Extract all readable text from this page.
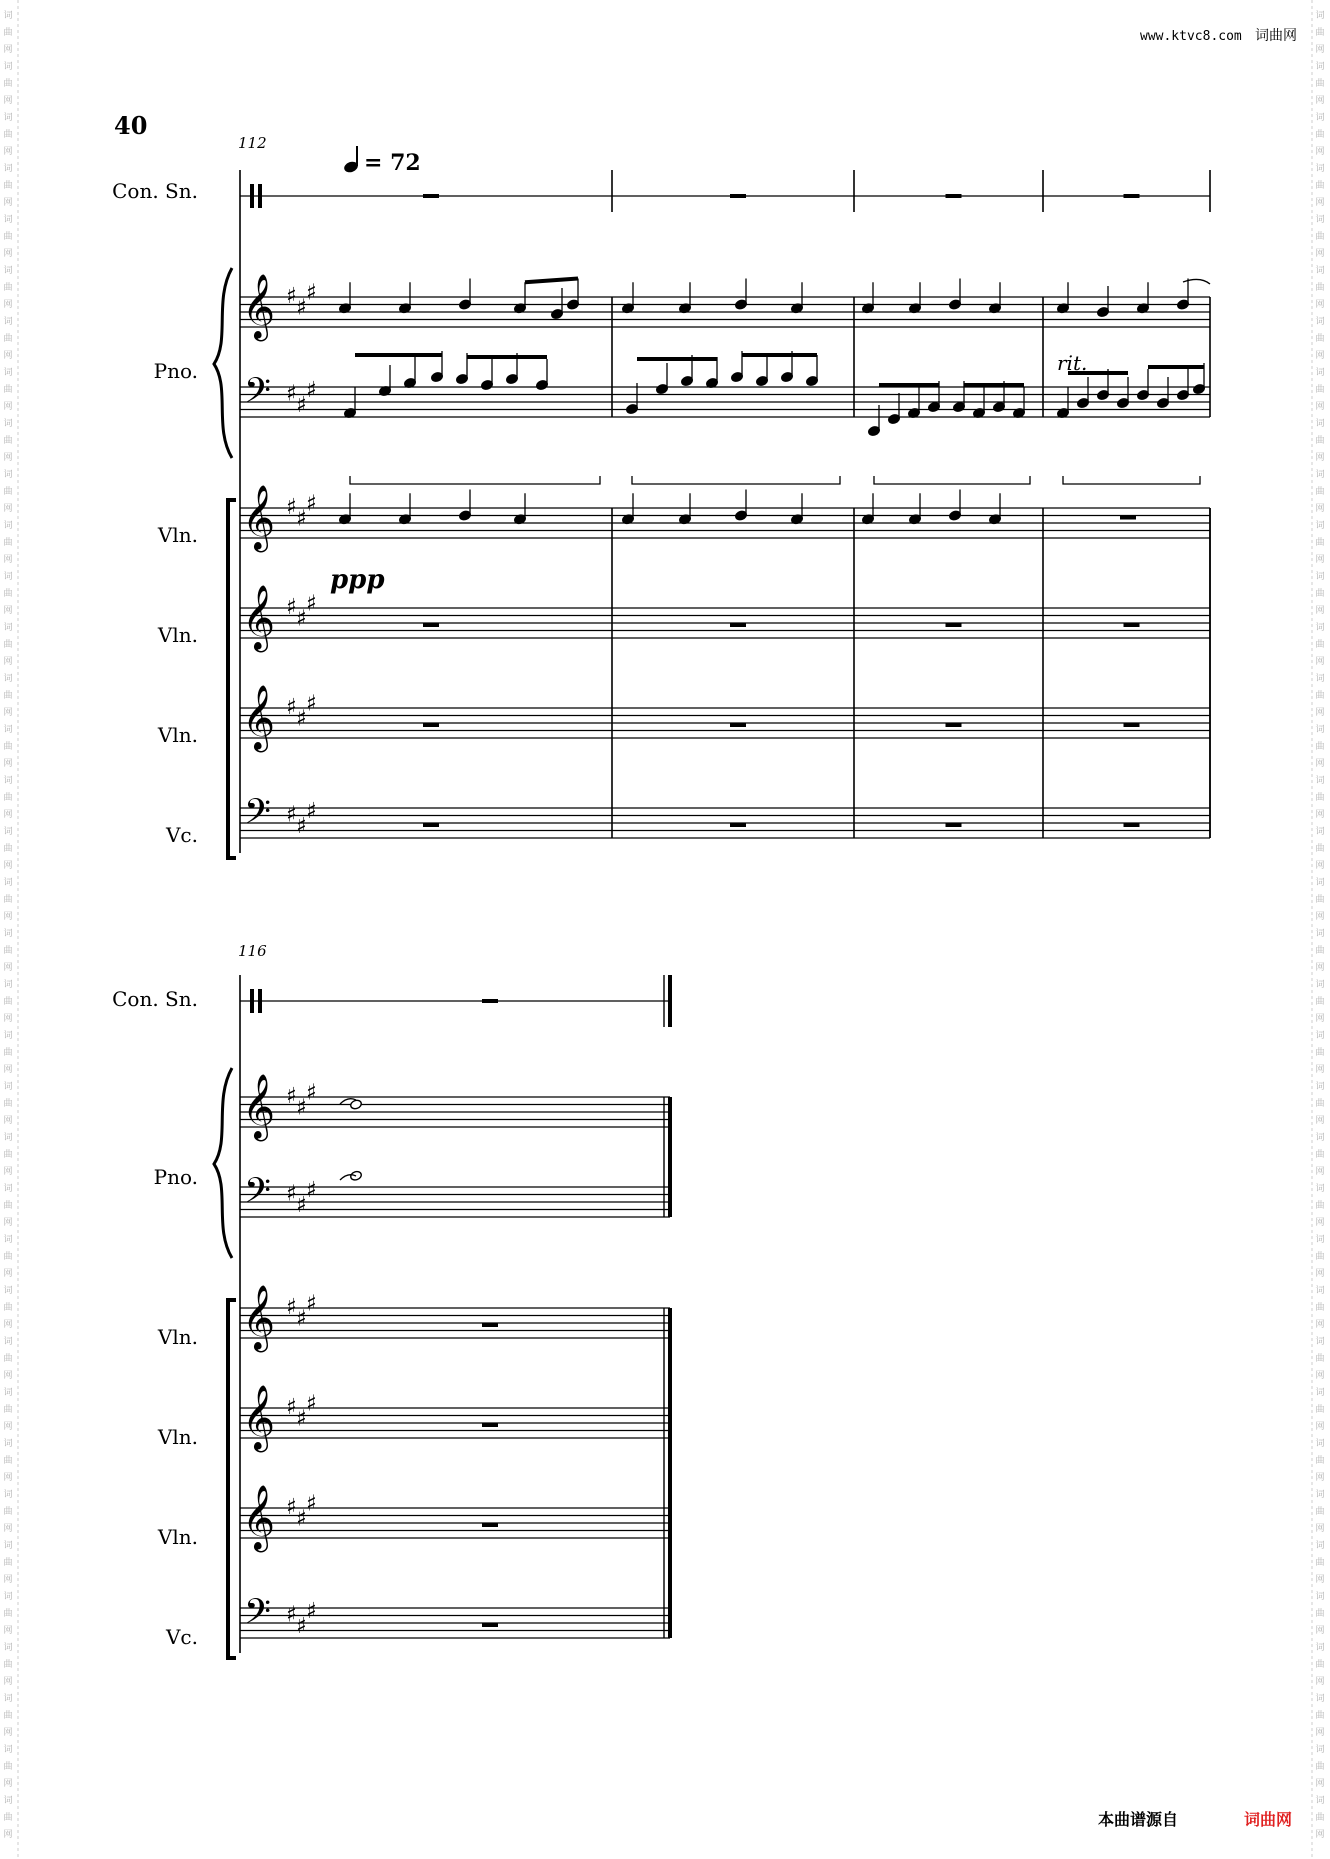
词
曲
网
词
曲
网
词
曲
网
词
曲
网
词
曲
网
词
曲
网
词
曲
网
词
曲
网
词
曲
网
词
曲
网
词
曲
网
词
曲
网
词
曲
网
词
曲
网
词
曲
网
词
曲
网
词
曲
网
词
曲
网
词
曲
网
词
曲
网
词
曲
网
词
曲
网
词
曲
网
词
曲
网
词
曲
网
词
曲
网
词
曲
网
词
曲
网
词
曲
网
词
曲
网
词
曲
网
词
曲
网
词
曲
网
词
曲
网
词
曲
网
词
曲
网
词
曲
网
词
曲
网
词
曲
网
词
曲
网
词
曲
网
词
曲
网
词
曲
网
词
曲
网
词
曲
网
词
曲
网
词
曲
网
词
曲
网
词
曲
网
词
曲
网
词
曲
网
词
曲
网
词
曲
网
词
曲
网
词
曲
网
词
曲
网
词
曲
网
词
曲
网
词
曲
网
词
曲
网
词
曲
网
词
曲
网
词
曲
网
词
曲
网
词
曲
网
词
曲
网
词
曲
网
词
曲
网
词
曲
网
词
曲
网
词
曲
网
词
曲
网
www.ktvc8.com 词曲网
40
112
= 72
ppp
rit.
Con. Sn.
Pno.
Vln.
Vln.
Vln.
Vc.
116
Con. Sn.
Pno.
Vln.
Vln.
Vln.
Vc.
𝄞 ♯ ♯
♯
𝄢 ♯ ♯
♯
𝄞 ♯ ♯
♯
𝄞 ♯ ♯
♯
𝄞 ♯ ♯
♯
𝄢 ♯ ♯
♯
𝄞 ♯ ♯
♯
𝄢 ♯ ♯
♯
𝄞 ♯ ♯
♯
𝄞 ♯ ♯
♯
𝄞 ♯ ♯
♯
𝄢 ♯ ♯
♯
本曲谱源自	词曲网
